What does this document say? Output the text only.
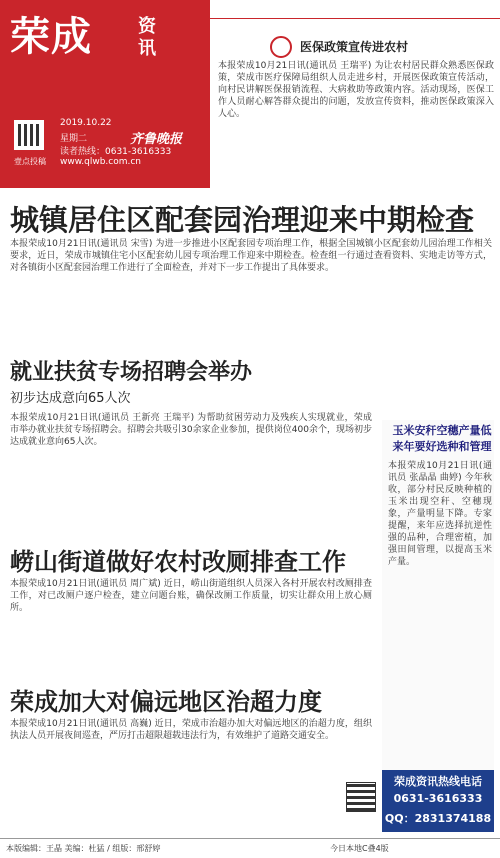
荣成	资
讯	医保政策宣传进农村
2019.10.22
星期二
读者热线：0631-3616333
www.qlwb.com.cn
壹点投稿
齐鲁晚报
本报荣成10月21日讯(通讯员 王瑞平) 为让农村居民群众熟悉医保政策，荣成市医疗保障局组织人员走进乡村，开展医保政策宣传活动，向村民讲解医保报销流程、大病救助等政策内容。活动现场，医保工作人员耐心解答群众提出的问题，发放宣传资料，推动医保政策深入人心。
城镇居住区配套园治理迎来中期检查
本报荣成10月21日讯(通讯员 宋雪) 为进一步推进小区配套园专项治理工作，根据全国城镇小区配套幼儿园治理工作相关要求，近日，荣成市城镇住宅小区配套幼儿园专项治理工作迎来中期检查。检查组一行通过查看资料、实地走访等方式，对各镇街小区配套园治理工作进行了全面检查，并对下一步工作提出了具体要求。
就业扶贫专场招聘会举办
初步达成意向65人次
本报荣成10月21日讯(通讯员 王新亮 王瑞平) 为帮助贫困劳动力及残疾人实现就业，荣成市举办就业扶贫专场招聘会。招聘会共吸引30余家企业参加，提供岗位400余个，现场初步达成就业意向65人次。
崂山街道做好农村改厕排查工作
本报荣成10月21日讯(通讯员 周广斌) 近日，崂山街道组织人员深入各村开展农村改厕排查工作，对已改厕户逐户检查，建立问题台账，确保改厕工作质量，切实让群众用上放心厕所。
荣成加大对偏远地区治超力度
本报荣成10月21日讯(通讯员 高巍) 近日，荣成市治超办加大对偏远地区的治超力度，组织执法人员开展夜间巡查，严厉打击超限超载违法行为，有效维护了道路交通安全。
玉米安秆空穗产量低
来年要好选种和管理
本报荣成10月21日讯(通讯员 张晶晶 曲婷) 今年秋收，部分村民反映种植的玉米出现空秆、空穗现象，产量明显下降。专家提醒，来年应选择抗逆性强的品种，合理密植，加强田间管理，以提高玉米产量。
荣成资讯热线电话
0631-3616333
QQ：2831374188
本版编辑：王晶 美编：杜猛 / 组版：邢舒婷	今日本地C叠4版
